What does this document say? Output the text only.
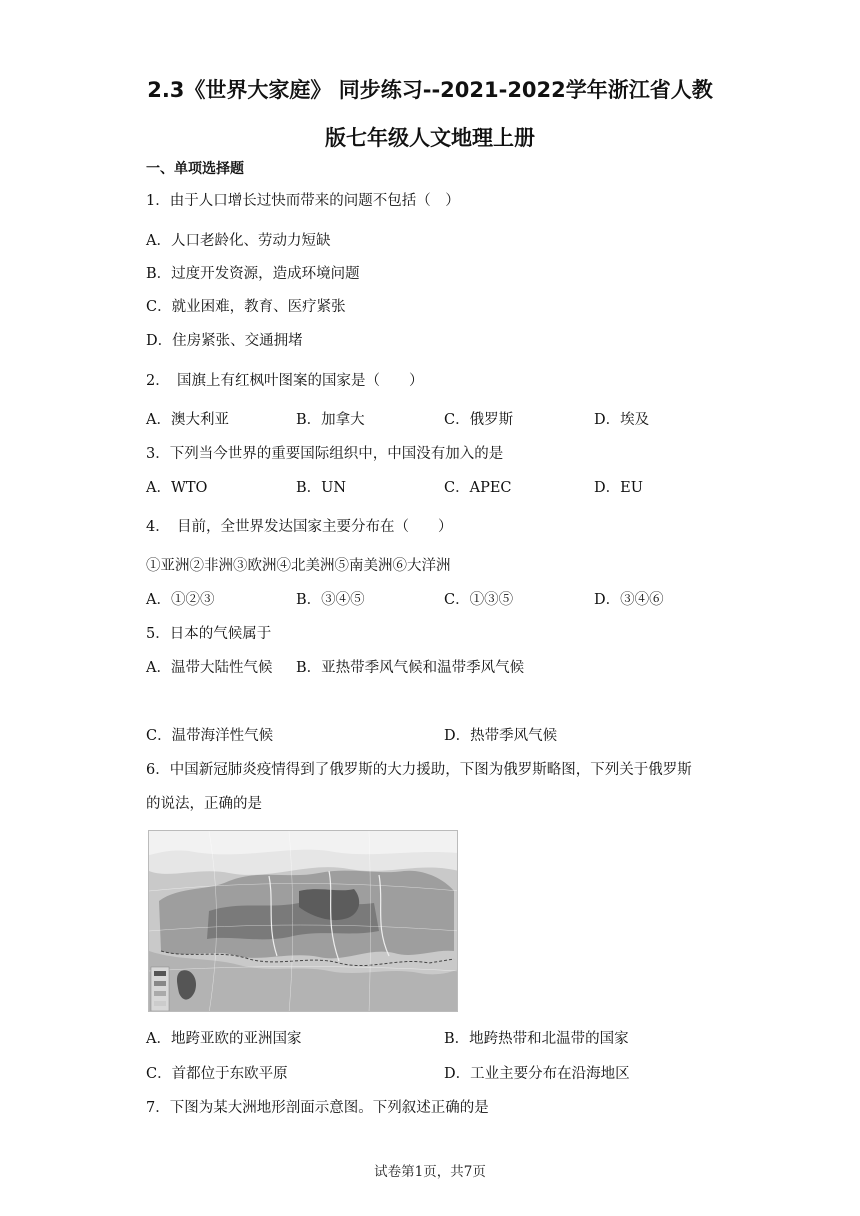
2.3《世界大家庭》 同步练习--2021-2022学年浙江省人教
版七年级人文地理上册
一、单项选择题
1．由于人口增长过快而带来的问题不包括（　）
A．人口老龄化、劳动力短缺
B．过度开发资源，造成环境问题
C．就业困难，教育、医疗紧张
D．住房紧张、交通拥堵
2．　国旗上有红枫叶图案的国家是（　　）
A．澳大利亚	B．加拿大	C．俄罗斯	D．埃及
3．下列当今世界的重要国际组织中，中国没有加入的是
A．WTO	B．UN	C．APEC	D．EU
4．　目前，全世界发达国家主要分布在（　　）
①亚洲②非洲③欧洲④北美洲⑤南美洲⑥大洋洲
A．①②③	B．③④⑤	C．①③⑤	D．③④⑥
5．日本的气候属于
A．温带大陆性气候 B．亚热带季风气候和温带季风气候
C．温带海洋性气候	D．热带季风气候
6．中国新冠肺炎疫情得到了俄罗斯的大力援助，下图为俄罗斯略图，下列关于俄罗斯
的说法，正确的是
A．地跨亚欧的亚洲国家	B．地跨热带和北温带的国家
C．首都位于东欧平原	D．工业主要分布在沿海地区
7．下图为某大洲地形剖面示意图。下列叙述正确的是
试卷第1页，共7页
